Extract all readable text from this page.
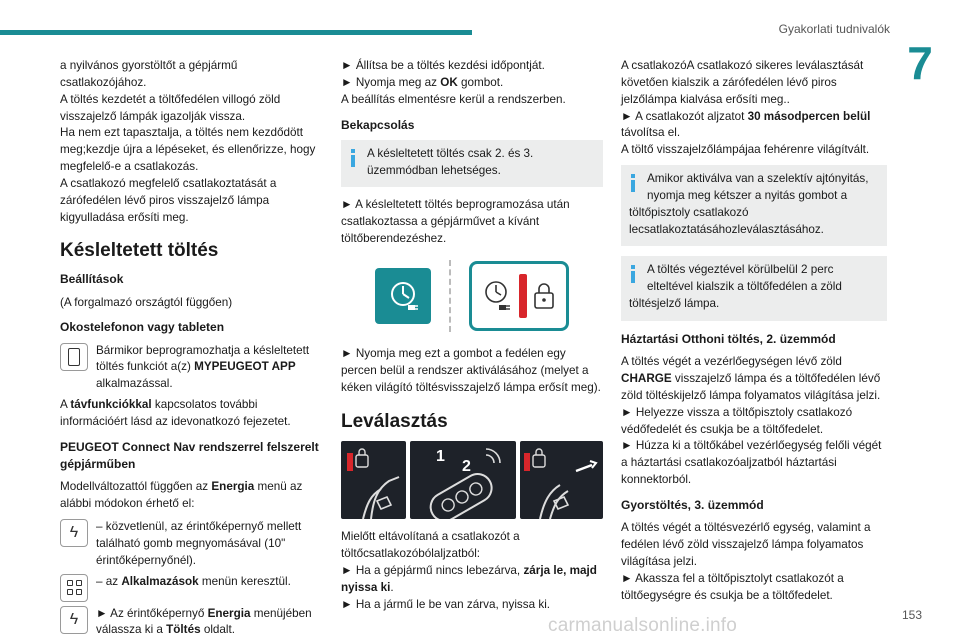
Gyakorlati tudnivalók
7

a nyilvános gyorstöltőt a gépjármű csatlakozójához.
A töltés kezdetét a töltőfedélen villogó zöld visszajelző lámpák igazolják vissza.
Ha nem ezt tapasztalja, a töltés nem kezdődött meg;kezdje újra a lépéseket, és ellenőrizze, hogy megfelelő-e a csatlakozás.
A csatlakozó megfelelő csatlakoztatását a zárófedélen lévő piros visszajelző lámpa kigyulladása erősíti meg.

Késleltetett töltés
Beállítások

(A forgalmazó országtól függően)

Okostelefonon vagy tableten
Bármikor beprogramozhatja a késleltetett töltés funkciót a(z) MYPEUGEOT APP alkalmazással.

A távfunkciókkal kapcsolatos további információért lásd az idevonatkozó fejezetet.

PEUGEOT Connect Nav rendszerrel felszerelt gépjárműben

Modellváltozattól függően az Energia menü az alábbi módokon érhető el:

ϟ – közvetlenül, az érintőképernyő mellett található gomb megnyomásával (10" érintőképernyőnél).
– az Alkalmazások menün keresztül.
ϟ ► Az érintőképernyő Energia menüjében válassza ki a Töltés oldalt.

► Állítsa be a töltés kezdési időpontját.
► Nyomja meg az OK gombot.
A beállítás elmentésre kerül a rendszerben.

Bekapcsolás
A késleltetett töltés csak 2. és 3. üzemmódban lehetséges.

► A késleltetett töltés beprogramozása után csatlakoztassa a gépjárművet a kívánt töltőberendezéshez.

► Nyomja meg ezt a gombot a fedélen egy percen belül a rendszer aktiválásához (melyet a kéken világító töltésvisszajelző lámpa erősít meg).

Leválasztás
1
2

Mielőtt eltávolítaná a csatlakozót a töltőcsatlakozóbólaljzatból:
► Ha a gépjármű nincs lebezárva, zárja le, majd nyissa ki.
► Ha a jármű le be van zárva, nyissa ki.

A csatlakozóA csatlakozó sikeres leválasztását követően kialszik a zárófedélen lévő piros jelzőlámpa kialvása erősíti meg..
► A csatlakozót aljzatot 30 másodpercen belül távolítsa el.
A töltő visszajelzőlámpájaa fehérenre világítvált.

Amikor aktiválva van a szelektív ajtónyitás, nyomja meg kétszer a nyitás gombot a töltőpisztoly csatlakozó lecsatlakoztatásáhozleválasztásához.
A töltés végeztével körülbelül 2 perc elteltével kialszik a töltőfedélen a zöld töltésjelző lámpa.
Háztartási Otthoni töltés, 2. üzemmód

A töltés végét a vezérlőegységen lévő zöld CHARGE visszajelző lámpa és a töltőfedélen lévő zöld töltéskijelző lámpa folyamatos világítása jelzi.
► Helyezze vissza a töltőpisztoly csatlakozó védőfedelét és csukja be a töltőfedelet.
► Húzza ki a töltőkábel vezérlőegység felőli végét a háztartási csatlakozóaljzatból háztartási konnektorból.

Gyorstöltés, 3. üzemmód

A töltés végét a töltésvezérlő egység, valamint a fedélen lévő zöld visszajelző lámpa folyamatos világítása jelzi.
► Akassza fel a töltőpisztolyt csatlakozót a töltőegységre és csukja be a töltőfedelet.

153
carmanualsonline.info
